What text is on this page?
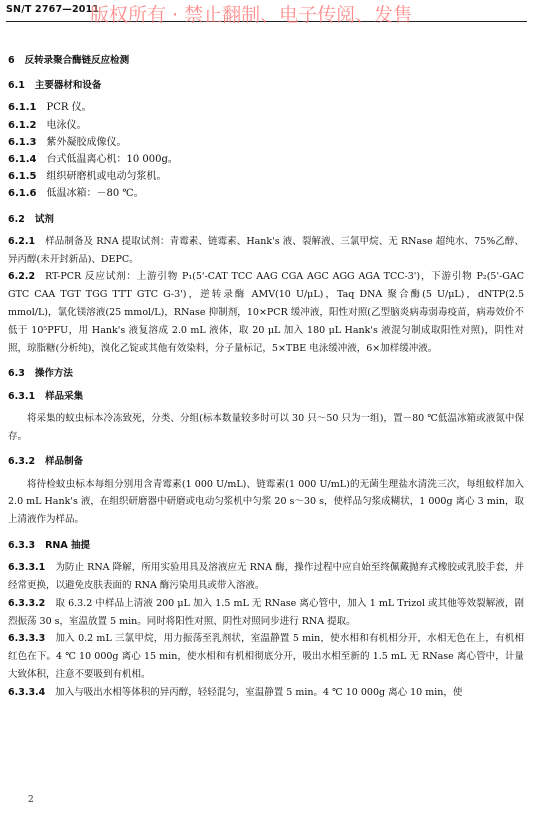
SN/T 2767—2011
版权所有 · 禁止翻制、电子传阅、发售

6 反转录聚合酶链反应检测

6.1 主要器材和设备

6.1.1 PCR 仪。

6.1.2 电泳仪。

6.1.3 紫外凝胶成像仪。

6.1.4 台式低温离心机：10 000g。

6.1.5 组织研磨机或电动匀浆机。

6.1.6 低温冰箱：－80 ℃。

6.2 试剂

6.2.1 样品制备及 RNA 提取试剂：青霉素、链霉素、Hank's 液、裂解液、三氯甲烷、无 RNase 超纯水、75%乙醇、异丙醇(未开封新品)、DEPC。

6.2.2 RT-PCR 反应试剂：上游引物 P₁(5'-CAT TCC AAG CGA AGC AGG AGA TCC-3')，下游引物 P₂(5'-GAC GTC CAA TGT TGG TTT GTC G-3')，逆转录酶 AMV(10 U/μL)，Taq DNA 聚合酶(5 U/μL)，dNTP(2.5 mmol/L)，氯化镁溶液(25 mmol/L)，RNase 抑制剂，10×PCR 缓冲液，阳性对照(乙型脑炎病毒弱毒疫苗，病毒效价不低于 10⁵PFU，用 Hank's 液复溶成 2.0 mL 液体，取 20 μL 加入 180 μL Hank's 液混匀制成取阳性对照)，阴性对照，琼脂糖(分析纯)，溴化乙锭或其他有效染料，分子量标记，5×TBE 电泳缓冲液，6×加样缓冲液。

6.3 操作方法

6.3.1 样品采集

将采集的蚊虫标本冷冻致死，分类、分组(标本数量较多时可以 30 只～50 只为一组)，置－80 ℃低温冰箱或液氮中保存。

6.3.2 样品制备

将待检蚊虫标本每组分别用含青霉素(1 000 U/mL)、链霉素(1 000 U/mL)的无菌生理盐水清洗三次，每组蚊样加入 2.0 mL Hank's 液，在组织研磨器中研磨或电动匀浆机中匀浆 20 s～30 s，使样品匀浆成糊状，1 000g 离心 3 min，取上清液作为样品。

6.3.3 RNA 抽提

6.3.3.1 为防止 RNA 降解，所用实验用具及溶液应无 RNA 酶，操作过程中应自始至终佩戴抛弃式橡胶或乳胶手套，并经常更换，以避免皮肤表面的 RNA 酶污染用具或带入溶液。

6.3.3.2 取 6.3.2 中样品上清液 200 μL 加入 1.5 mL 无 RNase 离心管中，加入 1 mL Trizol 或其他等效裂解液，剧烈振荡 30 s，室温放置 5 min。同时将阳性对照、阴性对照同步进行 RNA 提取。

6.3.3.3 加入 0.2 mL 三氯甲烷，用力振荡至乳剂状，室温静置 5 min，使水相和有机相分开，水相无色在上，有机相红色在下。4 ℃ 10 000g 离心 15 min，使水相和有机相彻底分开，吸出水相至新的 1.5 mL 无 RNase 离心管中，计量大致体积，注意不要吸到有机相。

6.3.3.4 加入与吸出水相等体积的异丙醇，轻轻混匀，室温静置 5 min。4 ℃ 10 000g 离心 10 min，使

2
